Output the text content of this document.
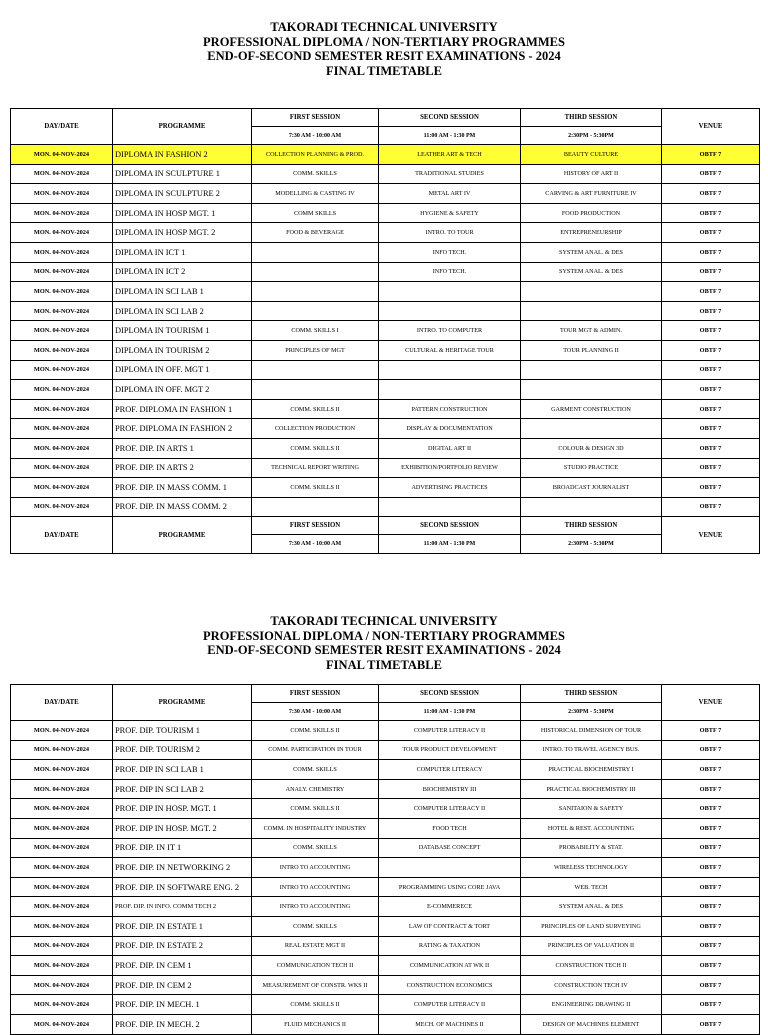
TAKORADI TECHNICAL UNIVERSITY
PROFESSIONAL DIPLOMA / NON-TERTIARY PROGRAMMES
END-OF-SECOND SEMESTER RESIT EXAMINATIONS - 2024
FINAL TIMETABLE
DAY/DATE	PROGRAMME	FIRST SESSION	SECOND SESSION	THIRD SESSION	VENUE
		7:30 AM - 10:00 AM	11:00 AM - 1:30 PM	2:30PM - 5:30PM	
MON. 04-NOV-2024	DIPLOMA IN FASHION 2	COLLECTION PLANNING & PROD.	LEATHER ART & TECH	BEAUTY CULTURE	OBTF 7
MON. 04-NOV-2024	DIPLOMA IN SCULPTURE 1	COMM. SKILLS	TRADITIONAL STUDIES	HISTORY OF ART II	OBTF 7
MON. 04-NOV-2024	DIPLOMA IN SCULPTURE 2	MODELLING & CASTING IV	METAL ART IV	CARVING & ART FURNITURE IV	OBTF 7
MON. 04-NOV-2024	DIPLOMA IN HOSP MGT. 1	COMM SKILLS	HYGIENE & SAFETY	FOOD PRODUCTION	OBTF 7
MON. 04-NOV-2024	DIPLOMA IN HOSP MGT. 2	FOOD & BEVERAGE	INTRO. TO TOUR	ENTREPRENEURSHIP	OBTF 7
MON. 04-NOV-2024	DIPLOMA IN ICT 1		INFO TECH.	SYSTEM ANAL. & DES	OBTF 7
MON. 04-NOV-2024	DIPLOMA IN ICT 2		INFO TECH.	SYSTEM ANAL. & DES	OBTF 7
MON. 04-NOV-2024	DIPLOMA IN SCI LAB 1				OBTF 7
MON. 04-NOV-2024	DIPLOMA IN SCI LAB 2				OBTF 7
MON. 04-NOV-2024	DIPLOMA IN TOURISM 1	COMM. SKILLS I	INTRO. TO COMPUTER	TOUR MGT & ADMIN.	OBTF 7
MON. 04-NOV-2024	DIPLOMA IN TOURISM 2	PRINCIPLES OF MGT	CULTURAL & HERITAGE TOUR	TOUR PLANNING II	OBTF 7
MON. 04-NOV-2024	DIPLOMA IN OFF. MGT 1				OBTF 7
MON. 04-NOV-2024	DIPLOMA IN OFF. MGT 2				OBTF 7
MON. 04-NOV-2024	PROF. DIPLOMA IN FASHION 1	COMM. SKILLS II	PATTERN CONSTRUCTION	GARMENT CONSTRUCTION	OBTF 7
MON. 04-NOV-2024	PROF. DIPLOMA IN FASHION 2	COLLECTION PRODUCTION	DISPLAY & DOCUMENTATION		OBTF 7
MON. 04-NOV-2024	PROF. DIP. IN ARTS 1	COMM. SKILLS II	DIGITAL ART II	COLOUR & DESIGN 3D	OBTF 7
MON. 04-NOV-2024	PROF. DIP. IN ARTS 2	TECHNICAL REPORT WRITING	EXHIBITION/PORTFOLIO REVIEW	STUDIO PRACTICE	OBTF 7
MON. 04-NOV-2024	PROF. DIP. IN MASS COMM. 1	COMM. SKILLS II	ADVERTISING PRACTICES	BROADCAST JOURNALIST	OBTF 7
MON. 04-NOV-2024	PROF. DIP. IN MASS COMM. 2				OBTF 7
DAY/DATE	PROGRAMME	FIRST SESSION	SECOND SESSION	THIRD SESSION	VENUE
		7:30 AM - 10:00 AM	11:00 AM - 1:30 PM	2:30PM - 5:30PM	
TAKORADI TECHNICAL UNIVERSITY
PROFESSIONAL DIPLOMA / NON-TERTIARY PROGRAMMES
END-OF-SECOND SEMESTER RESIT EXAMINATIONS - 2024
FINAL TIMETABLE
DAY/DATE	PROGRAMME	FIRST SESSION	SECOND SESSION	THIRD SESSION	VENUE
		7:30 AM - 10:00 AM	11:00 AM - 1:30 PM	2:30PM - 5:30PM	
MON. 04-NOV-2024	PROF. DIP. TOURISM 1	COMM. SKILLS II	COMPUTER LITERACY II	HISTORICAL DIMENSION OF TOUR	OBTF 7
MON. 04-NOV-2024	PROF. DIP. TOURISM 2	COMM. PARTICIPATION IN TOUR	TOUR PRODUCT DEVELOPMENT	INTRO. TO TRAVEL AGENCY BUS.	OBTF 7
MON. 04-NOV-2024	PROF. DIP IN SCI LAB 1	COMM. SKILLS	COMPUTER LITERACY	PRACTICAL BIOCHEMISTRY I	OBTF 7
MON. 04-NOV-2024	PROF. DIP IN SCI LAB 2	ANALY. CHEMISTRY	BIOCHEMISTRY III	PRACTICAL BIOCHEMISTRY III	OBTF 7
MON. 04-NOV-2024	PROF. DIP IN HOSP. MGT. 1	COMM. SKILLS II	COMPUTER LITERACY II	SANITAION & SAFETY	OBTF 7
MON. 04-NOV-2024	PROF. DIP IN HOSP. MGT. 2	COMM. IN HOSPITALITY INDUSTRY	FOOD TECH	HOTEL & REST. ACCOUNTING	OBTF 7
MON. 04-NOV-2024	PROF. DIP. IN IT 1	COMM. SKILLS	DATABASE CONCEPT	PROBABILITY & STAT.	OBTF 7
MON. 04-NOV-2024	PROF. DIP. IN NETWORKING 2	INTRO TO ACCOUNTING		WIRELESS TECHNOLOGY	OBTF 7
MON. 04-NOV-2024	PROF. DIP. IN SOFTWARE ENG. 2	INTRO TO ACCOUNTING	PROGRAMMING USING CORE JAVA	WEB. TECH	OBTF 7
MON. 04-NOV-2024	PROF. DIP. IN INFO. COMM TECH 2	INTRO TO ACCOUNTING	E-COMMERECE	SYSTEM ANAL. & DES	OBTF 7
MON. 04-NOV-2024	PROF. DIP. IN ESTATE 1	COMM. SKILLS	LAW OF CONTRACT & TORT	PRINCIPLES OF LAND SURVEYING	OBTF 7
MON. 04-NOV-2024	PROF. DIP. IN ESTATE 2	REAL ESTATE MGT II	RATING & TAXATION	PRINCIPLES OF VALUATION II	OBTF 7
MON. 04-NOV-2024	PROF. DIP. IN CEM 1	COMMUNICATION TECH II	COMMUNICATION AT WK II	CONSTRUCTION TECH II	OBTF 7
MON. 04-NOV-2024	PROF. DIP. IN CEM 2	MEASUREMENT OF CONSTR. WKS II	CONSTRUCTION ECONOMICS	CONSTRUCTION TECH IV	OBTF 7
MON. 04-NOV-2024	PROF. DIP. IN MECH. 1	COMM. SKILLS II	COMPUTER LITERACY II	ENGINEERING DRAWING II	OBTF 7
MON. 04-NOV-2024	PROF. DIP. IN MECH. 2	FLUID MECHANICS II	MECH. OF MACHINES II	DESIGN OF MACHINES ELEMENT	OBTF 7
